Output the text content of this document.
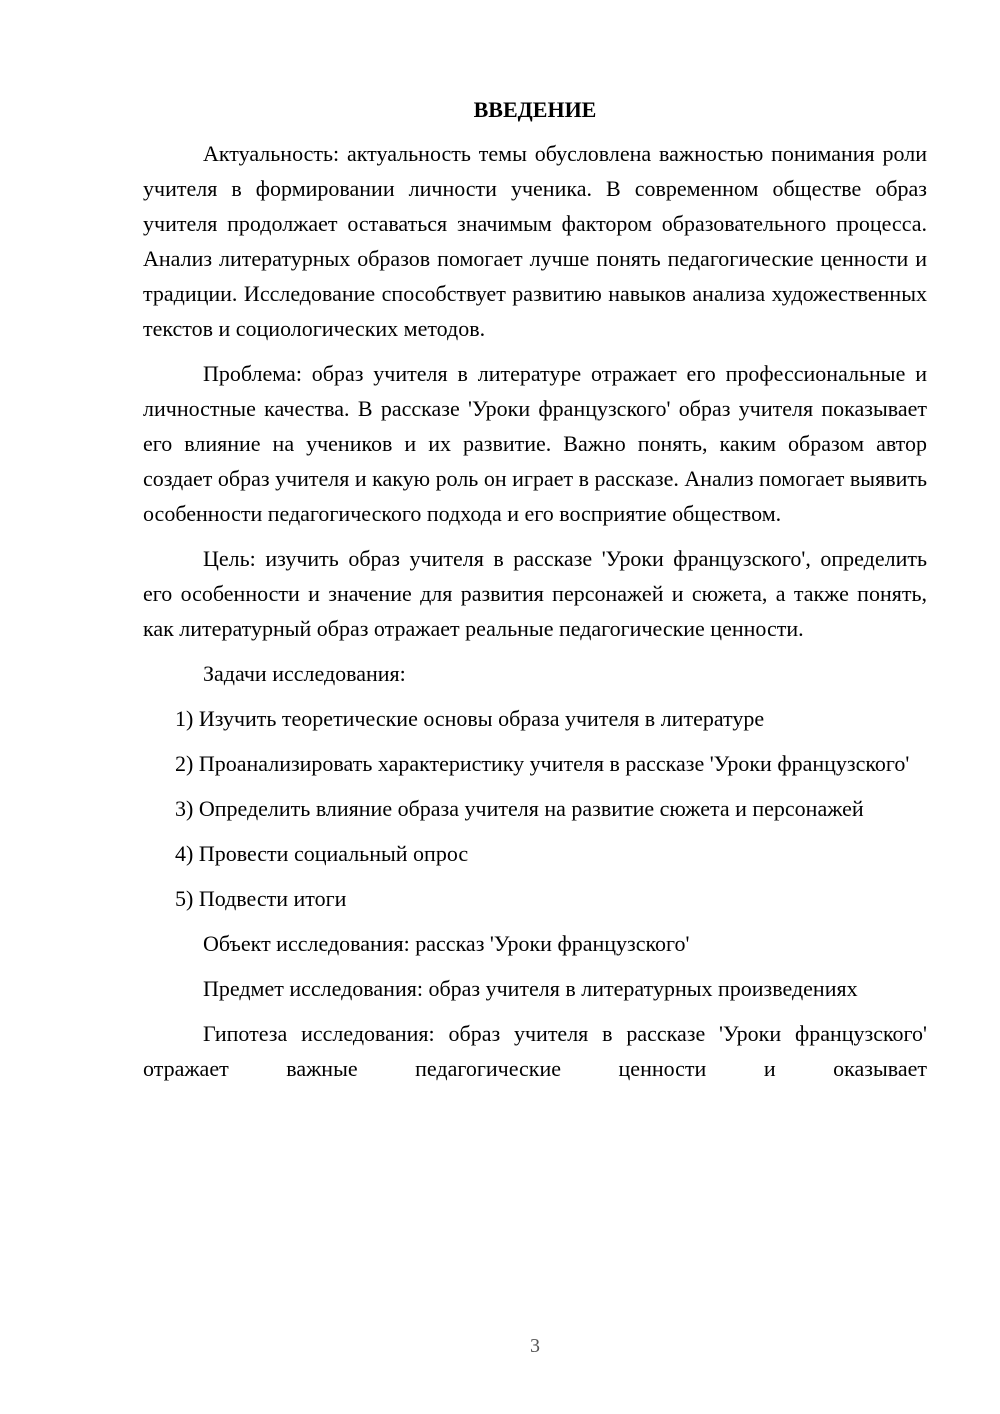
ВВЕДЕНИЕ

Актуальность: актуальность темы обусловлена важностью понимания роли учителя в формировании личности ученика. В современном обществе образ учителя продолжает оставаться значимым фактором образовательного процесса. Анализ литературных образов помогает лучше понять педагогические ценности и традиции. Исследование способствует развитию навыков анализа художественных текстов и социологических методов.

Проблема: образ учителя в литературе отражает его профессиональные и личностные качества. В рассказе 'Уроки французского' образ учителя показывает его влияние на учеников и их развитие. Важно понять, каким образом автор создает образ учителя и какую роль он играет в рассказе. Анализ помогает выявить особенности педагогического подхода и его восприятие обществом.

Цель: изучить образ учителя в рассказе 'Уроки французского', определить его особенности и значение для развития персонажей и сюжета, а также понять, как литературный образ отражает реальные педагогические ценности.

Задачи исследования:

1) Изучить теоретические основы образа учителя в литературе

2) Проанализировать характеристику учителя в рассказе 'Уроки французского'

3) Определить влияние образа учителя на развитие сюжета и персонажей

4) Провести социальный опрос

5) Подвести итоги

Объект исследования: рассказ 'Уроки французского'

Предмет исследования: образ учителя в литературных произведениях

Гипотеза исследования: образ учителя в рассказе 'Уроки французского' отражает важные педагогические ценности и оказывает

3
